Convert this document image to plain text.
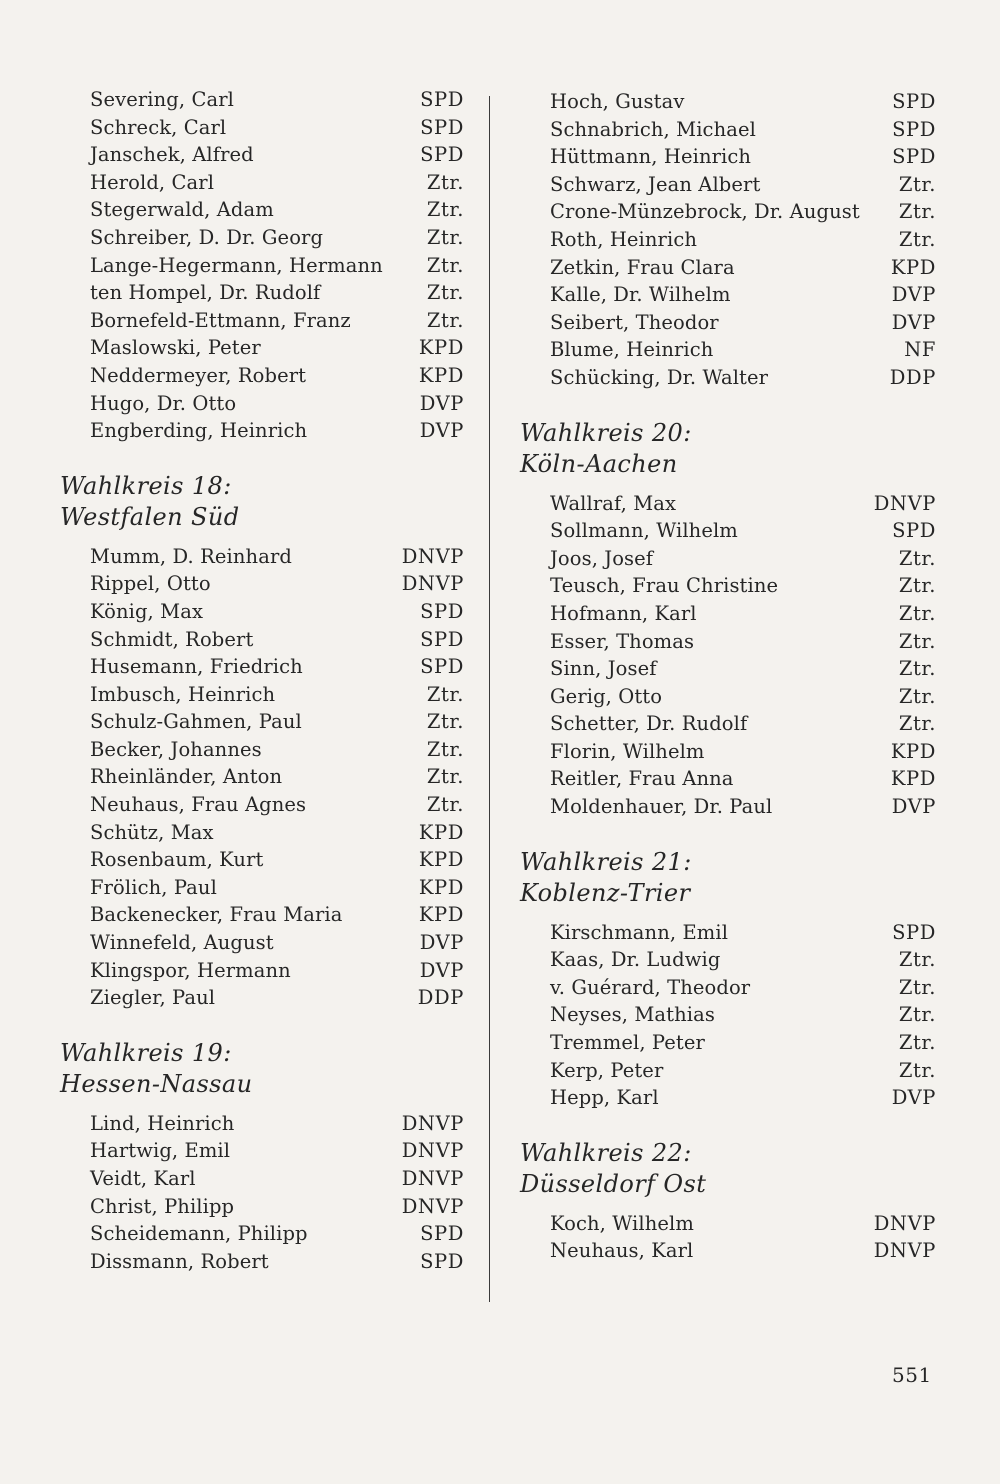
Severing, Carl	SPD
Schreck, Carl	SPD
Janschek, Alfred	SPD
Herold, Carl	Ztr.
Stegerwald, Adam	Ztr.
Schreiber, D. Dr. Georg	Ztr.
Lange-Hegermann, Hermann Ztr.
ten Hompel, Dr. Rudolf	Ztr.
Bornefeld-Ettmann, Franz	Ztr.
Maslowski, Peter	KPD
Neddermeyer, Robert	KPD
Hugo, Dr. Otto	DVP
Engberding, Heinrich	DVP
Wahlkreis 18:
Westfalen Süd
Mumm, D. Reinhard	DNVP
Rippel, Otto	DNVP
König, Max	SPD
Schmidt, Robert	SPD
Husemann, Friedrich	SPD
Imbusch, Heinrich	Ztr.
Schulz-Gahmen, Paul	Ztr.
Becker, Johannes	Ztr.
Rheinländer, Anton	Ztr.
Neuhaus, Frau Agnes	Ztr.
Schütz, Max	KPD
Rosenbaum, Kurt	KPD
Frölich, Paul	KPD
Backenecker, Frau Maria	KPD
Winnefeld, August	DVP
Klingspor, Hermann	DVP
Ziegler, Paul	DDP
Wahlkreis 19:
Hessen-Nassau
Lind, Heinrich	DNVP
Hartwig, Emil	DNVP
Veidt, Karl	DNVP
Christ, Philipp	DNVP
Scheidemann, Philipp	SPD
Dissmann, Robert	SPD
Hoch, Gustav	SPD
Schnabrich, Michael	SPD
Hüttmann, Heinrich	SPD
Schwarz, Jean Albert	Ztr.
Crone-Münzebrock, Dr. August Ztr.
Roth, Heinrich	Ztr.
Zetkin, Frau Clara	KPD
Kalle, Dr. Wilhelm	DVP
Seibert, Theodor	DVP
Blume, Heinrich	NF
Schücking, Dr. Walter	DDP
Wahlkreis 20:
Köln-Aachen
Wallraf, Max	DNVP
Sollmann, Wilhelm	SPD
Joos, Josef	Ztr.
Teusch, Frau Christine	Ztr.
Hofmann, Karl	Ztr.
Esser, Thomas	Ztr.
Sinn, Josef	Ztr.
Gerig, Otto	Ztr.
Schetter, Dr. Rudolf	Ztr.
Florin, Wilhelm	KPD
Reitler, Frau Anna	KPD
Moldenhauer, Dr. Paul	DVP
Wahlkreis 21:
Koblenz-Trier
Kirschmann, Emil	SPD
Kaas, Dr. Ludwig	Ztr.
v. Guérard, Theodor	Ztr.
Neyses, Mathias	Ztr.
Tremmel, Peter	Ztr.
Kerp, Peter	Ztr.
Hepp, Karl	DVP
Wahlkreis 22:
Düsseldorf Ost
Koch, Wilhelm	DNVP
Neuhaus, Karl	DNVP
551
